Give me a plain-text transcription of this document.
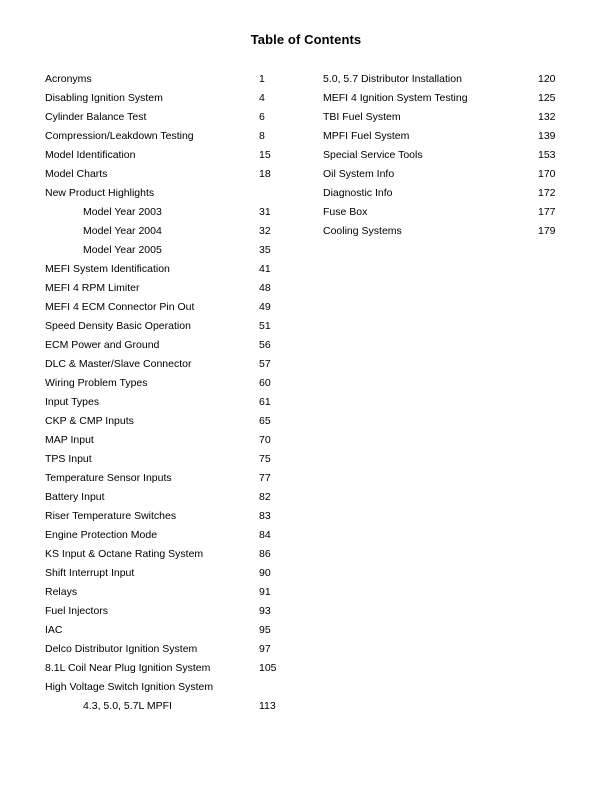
Table of Contents
Acronyms	1
Disabling Ignition System	4
Cylinder Balance Test	6
Compression/Leakdown Testing	8
Model Identification	15
Model Charts	18
New Product Highlights
Model Year 2003	31
Model Year 2004	32
Model Year 2005	35
MEFI System Identification	41
MEFI 4 RPM Limiter	48
MEFI 4 ECM Connector Pin Out	49
Speed Density Basic Operation	51
ECM Power and Ground	56
DLC & Master/Slave Connector	57
Wiring Problem Types	60
Input Types	61
CKP & CMP Inputs	65
MAP Input	70
TPS Input	75
Temperature Sensor Inputs	77
Battery Input	82
Riser Temperature Switches	83
Engine Protection Mode	84
KS Input & Octane Rating System	86
Shift Interrupt Input	90
Relays	91
Fuel Injectors	93
IAC	95
Delco Distributor Ignition System	97
8.1L Coil Near Plug Ignition System	105
High Voltage Switch Ignition System
4.3, 5.0, 5.7L MPFI	113
5.0, 5.7 Distributor Installation	120
MEFI 4 Ignition System Testing	125
TBI Fuel System	132
MPFI Fuel System	139
Special Service Tools	153
Oil System Info	170
Diagnostic Info	172
Fuse Box	177
Cooling Systems	179
